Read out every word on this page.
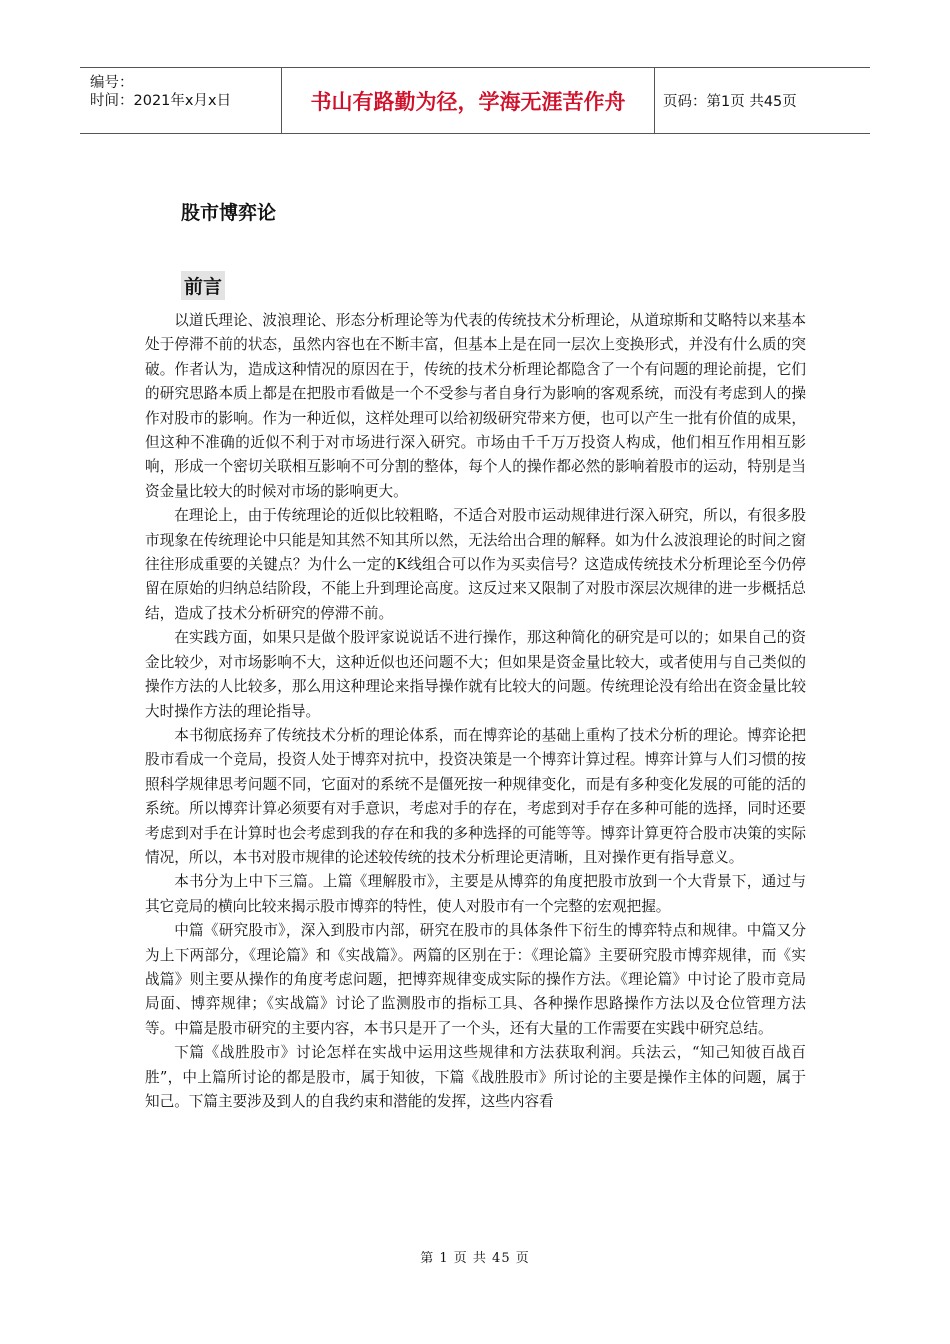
编号：
时间：2021年x月x日	书山有路勤为径，学海无涯苦作舟	页码：第1页 共45页
股市博弈论
前言

以道氏理论、波浪理论、形态分析理论等为代表的传统技术分析理论，从道琼斯和艾略特以来基本处于停滞不前的状态，虽然内容也在不断丰富，但基本上是在同一层次上变换形式，并没有什么质的突破。作者认为，造成这种情况的原因在于，传统的技术分析理论都隐含了一个有问题的理论前提，它们的研究思路本质上都是在把股市看做是一个不受参与者自身行为影响的客观系统，而没有考虑到人的操作对股市的影响。作为一种近似，这样处理可以给初级研究带来方便，也可以产生一批有价值的成果，但这种不准确的近似不利于对市场进行深入研究。市场由千千万万投资人构成，他们相互作用相互影响，形成一个密切关联相互影响不可分割的整体，每个人的操作都必然的影响着股市的运动，特别是当资金量比较大的时候对市场的影响更大。

在理论上，由于传统理论的近似比较粗略，不适合对股市运动规律进行深入研究，所以，有很多股市现象在传统理论中只能是知其然不知其所以然，无法给出合理的解释。如为什么波浪理论的时间之窗往往形成重要的关键点？为什么一定的K线组合可以作为买卖信号？这造成传统技术分析理论至今仍停留在原始的归纳总结阶段，不能上升到理论高度。这反过来又限制了对股市深层次规律的进一步概括总结，造成了技术分析研究的停滞不前。

在实践方面，如果只是做个股评家说说话不进行操作，那这种简化的研究是可以的；如果自己的资金比较少，对市场影响不大，这种近似也还问题不大；但如果是资金量比较大，或者使用与自己类似的操作方法的人比较多，那么用这种理论来指导操作就有比较大的问题。传统理论没有给出在资金量比较大时操作方法的理论指导。

本书彻底扬弃了传统技术分析的理论体系，而在博弈论的基础上重构了技术分析的理论。博弈论把股市看成一个竞局，投资人处于博弈对抗中，投资决策是一个博弈计算过程。博弈计算与人们习惯的按照科学规律思考问题不同，它面对的系统不是僵死按一种规律变化，而是有多种变化发展的可能的活的系统。所以博弈计算必须要有对手意识，考虑对手的存在，考虑到对手存在多种可能的选择，同时还要考虑到对手在计算时也会考虑到我的存在和我的多种选择的可能等等。博弈计算更符合股市决策的实际情况，所以，本书对股市规律的论述较传统的技术分析理论更清晰，且对操作更有指导意义。

本书分为上中下三篇。上篇《理解股市》，主要是从博弈的角度把股市放到一个大背景下，通过与其它竞局的横向比较来揭示股市博弈的特性，使人对股市有一个完整的宏观把握。

中篇《研究股市》，深入到股市内部，研究在股市的具体条件下衍生的博弈特点和规律。中篇又分为上下两部分，《理论篇》和《实战篇》。两篇的区别在于：《理论篇》主要研究股市博弈规律，而《实战篇》则主要从操作的角度考虑问题，把博弈规律变成实际的操作方法。《理论篇》中讨论了股市竞局局面、博弈规律；《实战篇》讨论了监测股市的指标工具、各种操作思路操作方法以及仓位管理方法等。中篇是股市研究的主要内容，本书只是开了一个头，还有大量的工作需要在实践中研究总结。

下篇《战胜股市》讨论怎样在实战中运用这些规律和方法获取利润。兵法云，“知己知彼百战百胜”，中上篇所讨论的都是股市，属于知彼，下篇《战胜股市》所讨论的主要是操作主体的问题，属于知己。下篇主要涉及到人的自我约束和潜能的发挥，这些内容看

第 1 页 共 45 页
